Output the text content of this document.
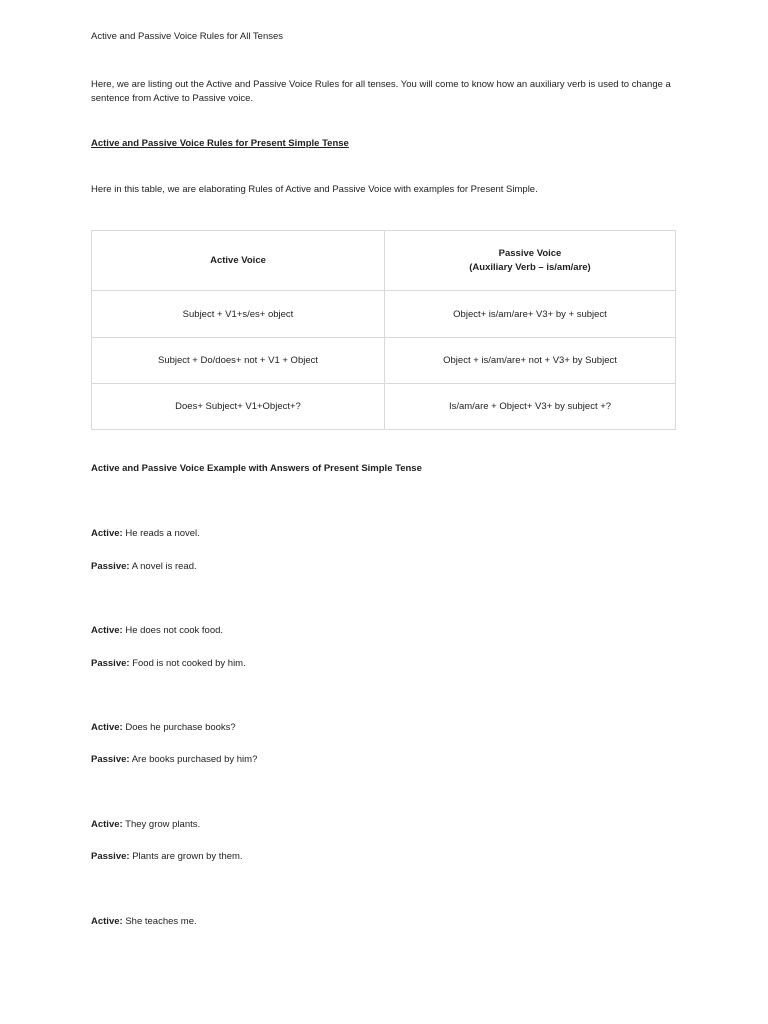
Active and Passive Voice Rules for All Tenses
Here, we are listing out the Active and Passive Voice Rules for all tenses. You will come to know how an auxiliary verb is used to change a sentence from Active to Passive voice.
Active and Passive Voice Rules for Present Simple Tense
Here in this table, we are elaborating Rules of Active and Passive Voice with examples for Present Simple.
Active Voice	Passive Voice
(Auxiliary Verb – is/am/are)

Subject + V1+s/es+ object	Object+ is/am/are+ V3+ by + subject
Subject + Do/does+ not + V1 + Object	Object + is/am/are+ not + V3+ by Subject
Does+ Subject+ V1+Object+?	Is/am/are + Object+ V3+ by subject +?
Active and Passive Voice Example with Answers of Present Simple Tense
Active: He reads a novel.
Passive: A novel is read.
Active: He does not cook food.
Passive: Food is not cooked by him.
Active: Does he purchase books?
Passive: Are books purchased by him?
Active: They grow plants.
Passive: Plants are grown by them.
Active: She teaches me.
